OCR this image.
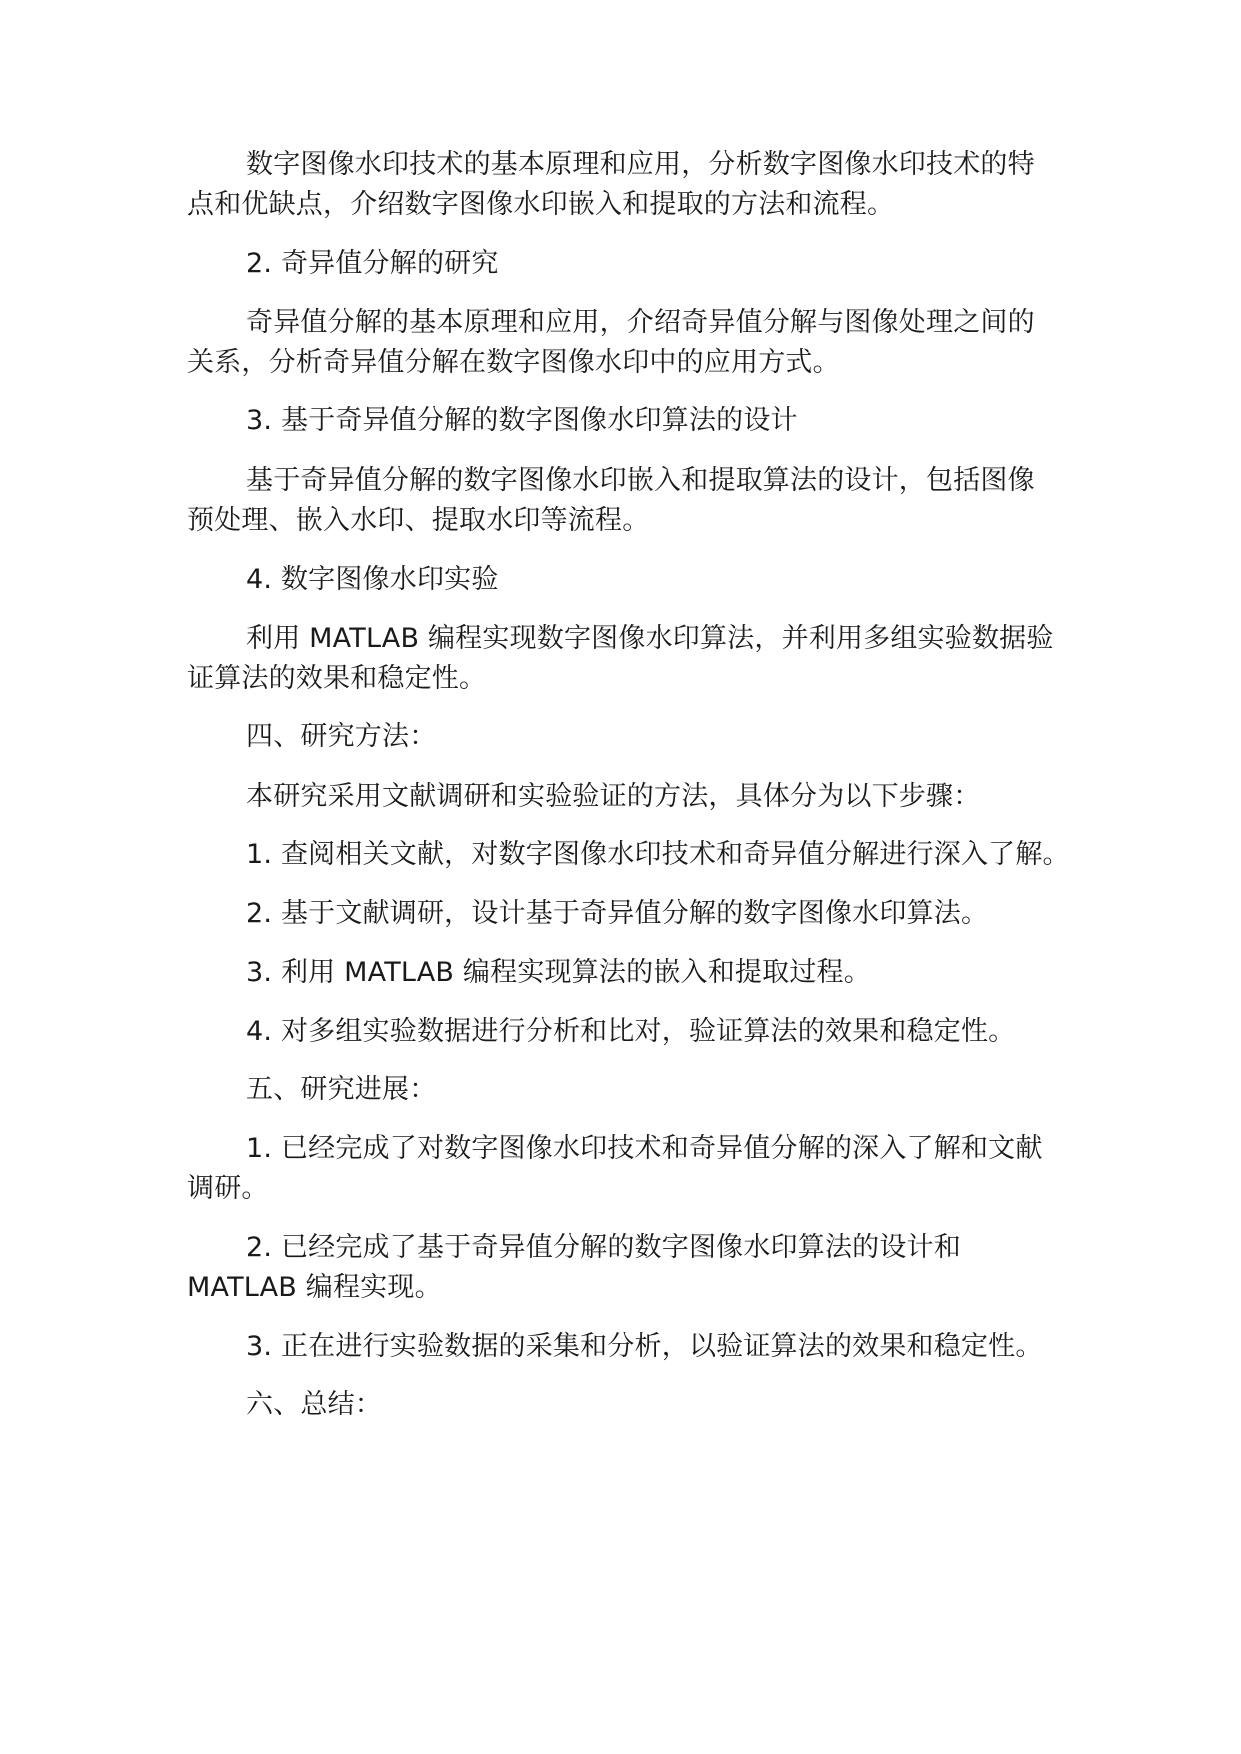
数字图像水印技术的基本原理和应用，分析数字图像水印技术的特
点和优缺点，介绍数字图像水印嵌入和提取的方法和流程。
2. 奇异值分解的研究
奇异值分解的基本原理和应用，介绍奇异值分解与图像处理之间的
关系，分析奇异值分解在数字图像水印中的应用方式。
3. 基于奇异值分解的数字图像水印算法的设计
基于奇异值分解的数字图像水印嵌入和提取算法的设计，包括图像
预处理、嵌入水印、提取水印等流程。
4. 数字图像水印实验
利用 MATLAB 编程实现数字图像水印算法，并利用多组实验数据验
证算法的效果和稳定性。
四、研究方法：
本研究采用文献调研和实验验证的方法，具体分为以下步骤：
1. 查阅相关文献，对数字图像水印技术和奇异值分解进行深入了解。
2. 基于文献调研，设计基于奇异值分解的数字图像水印算法。
3. 利用 MATLAB 编程实现算法的嵌入和提取过程。
4. 对多组实验数据进行分析和比对，验证算法的效果和稳定性。
五、研究进展：
1. 已经完成了对数字图像水印技术和奇异值分解的深入了解和文献
调研。
2. 已经完成了基于奇异值分解的数字图像水印算法的设计和
MATLAB 编程实现。
3. 正在进行实验数据的采集和分析，以验证算法的效果和稳定性。
六、总结：
